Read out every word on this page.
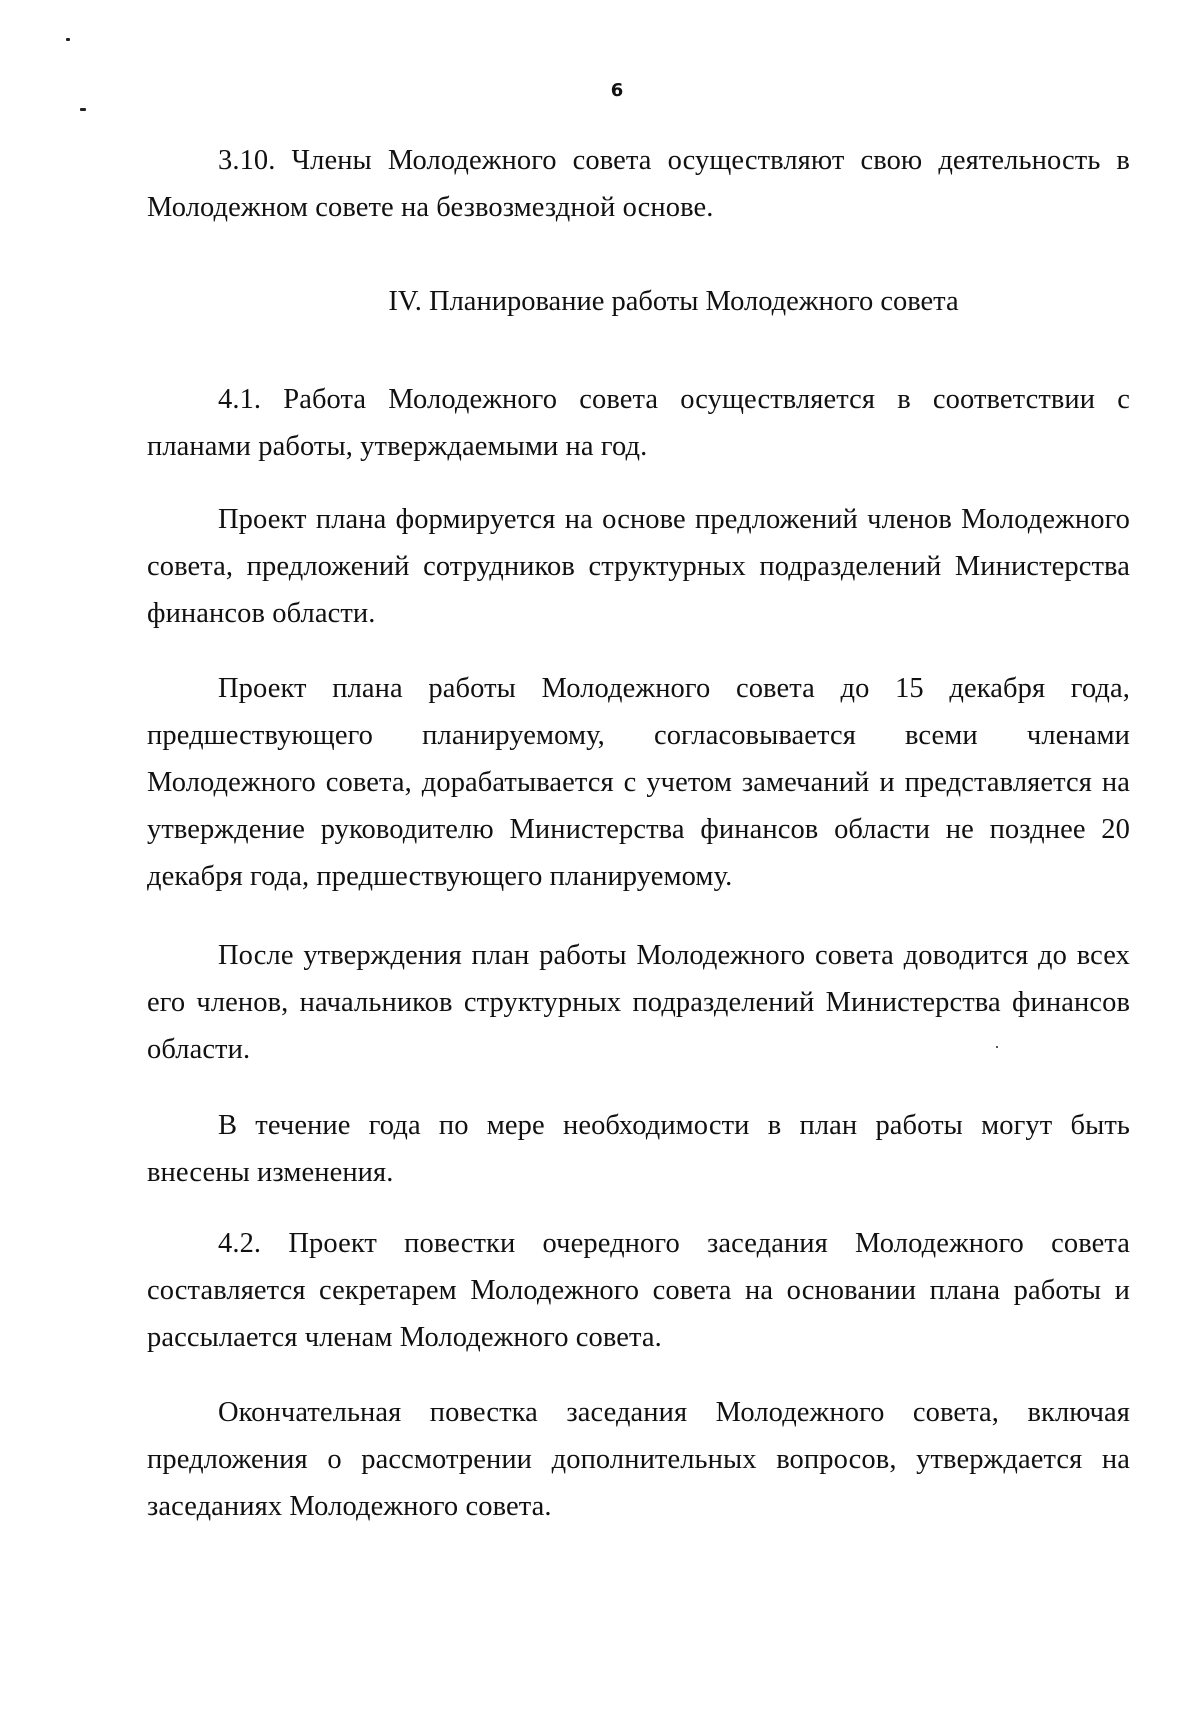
6

3.10. Члены Молодежного совета осуществляют свою деятельность в Молодежном совете на безвозмездной основе.

IV. Планирование работы Молодежного совета

4.1. Работа Молодежного совета осуществляется в соответствии с планами работы, утверждаемыми на год.

Проект плана формируется на основе предложений членов Молодежного совета, предложений сотрудников структурных подразделений Министерства финансов области.

Проект плана работы Молодежного совета до 15 декабря года, предшествующего планируемому, согласовывается всеми членами Молодежного совета, дорабатывается с учетом замечаний и представляется на утверждение руководителю Министерства финансов области не позднее 20 декабря года, предшествующего планируемому.

После утверждения план работы Молодежного совета доводится до всех его членов, начальников структурных подразделений Министерства финансов области.

В течение года по мере необходимости в план работы могут быть внесены изменения.

4.2. Проект повестки очередного заседания Молодежного совета составляется секретарем Молодежного совета на основании плана работы и рассылается членам Молодежного совета.

Окончательная повестка заседания Молодежного совета, включая предложения о рассмотрении дополнительных вопросов, утверждается на заседаниях Молодежного совета.
